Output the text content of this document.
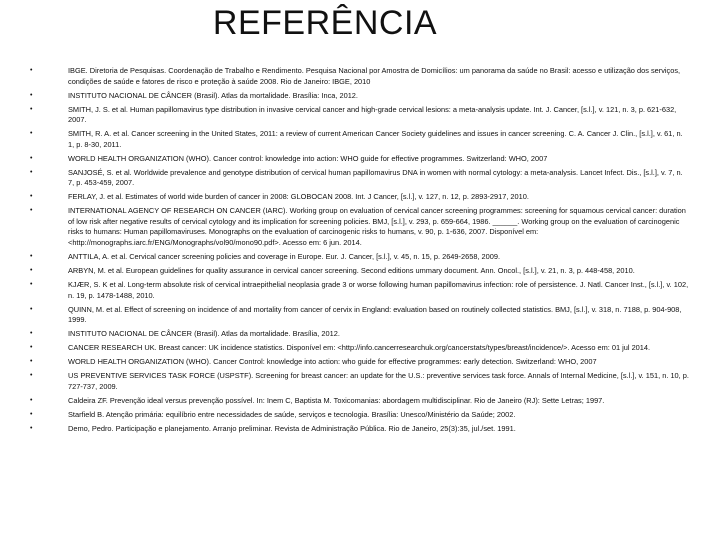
REFERÊNCIA
•	IBGE. Diretoria de Pesquisas. Coordenação de Trabalho e Rendimento. Pesquisa Nacional por Amostra de Domicílios: um panorama da saúde no Brasil: acesso e utilização dos serviços, condições de saúde e fatores de risco e proteção à saúde 2008. Rio de Janeiro: IBGE, 2010
•	INSTITUTO NACIONAL DE CÂNCER (Brasil). Atlas da mortalidade. Brasília: Inca, 2012.
•	SMITH, J. S. et al. Human papillomavirus type distribution in invasive cervical cancer and high-grade cervical lesions: a meta-analysis update. Int. J. Cancer, [s.l.], v. 121, n. 3, p. 621-632, 2007.
•	SMITH, R. A. et al. Cancer screening in the United States, 2011: a review of current American Cancer Society guidelines and issues in cancer screening. C. A. Cancer J. Clin., [s.l.], v. 61, n. 1, p. 8-30, 2011.
•	WORLD HEALTH ORGANIZATION (WHO). Cancer control: knowledge into action: WHO guide for effective programmes. Switzerland: WHO, 2007
•	SANJOSÉ, S. et al. Worldwide prevalence and genotype distribution of cervical human papillomavirus DNA in women with normal cytology: a meta-analysis. Lancet Infect. Dis., [s.l.], v. 7, n. 7, p. 453-459, 2007.
•	FERLAY, J. et al. Estimates of world wide burden of cancer in 2008: GLOBOCAN 2008. Int. J Cancer, [s.l.], v. 127, n. 12, p. 2893-2917, 2010.
•	INTERNATIONAL AGENCY OF RESEARCH ON CANCER (IARC). Working group on evaluation of cervical cancer screening programmes: screening for squamous cervical cancer: duration of low risk after negative results of cervical cytology and its implication for screening policies. BMJ, [s.l.], v. 293, p. 659-664, 1986. ______. Working group on the evaluation of carcinogenic risks to humans: Human papillomaviruses. Monographs on the evaluation of carcinogenic risks to humans, v. 90, p. 1-636, 2007. Disponível em: <http://monographs.iarc.fr/ENG/Monographs/vol90/mono90.pdf>. Acesso em: 6 jun. 2014.
•	ANTTILA, A. et al. Cervical cancer screening policies and coverage in Europe. Eur. J. Cancer, [s.l.], v. 45, n. 15, p. 2649-2658, 2009.
•	ARBYN, M. et al. European guidelines for quality assurance in cervical cancer screening. Second editions ummary document. Ann. Oncol., [s.l.], v. 21, n. 3, p. 448-458, 2010.
•	KJÆR, S. K et al. Long-term absolute risk of cervical intraepithelial neoplasia grade 3 or worse following human papillomavirus infection: role of persistence. J. Natl. Cancer Inst., [s.l.], v. 102, n. 19, p. 1478-1488, 2010.
•	QUINN, M. et al. Effect of screening on incidence of and mortality from cancer of cervix in England: evaluation based on routinely collected statistics. BMJ, [s.l.], v. 318, n. 7188, p. 904-908, 1999.
•	INSTITUTO NACIONAL DE CÂNCER (Brasil). Atlas da mortalidade. Brasília, 2012.
•	CANCER RESEARCH UK. Breast cancer: UK incidence statistics. Disponível em: <http://info.cancerresearchuk.org/cancerstats/types/breast/incidence/>. Acesso em: 01 jul 2014.
•	WORLD HEALTH ORGANIZATION (WHO). Cancer Control: knowledge into action: who guide for effective programmes: early detection. Switzerland: WHO, 2007
•	US PREVENTIVE SERVICES TASK FORCE (USPSTF). Screening for breast cancer: an update for the U.S.: preventive services task force. Annals of Internal Medicine, [s.l.], v. 151, n. 10, p. 727-737, 2009.
•	Caldeira ZF. Prevenção ideal versus prevenção possível. In: Inem C, Baptista M. Toxicomanias: abordagem multidisciplinar. Rio de Janeiro (RJ): Sette Letras; 1997.
•	Starfield B. Atenção primária: equilíbrio entre necessidades de saúde, serviços e tecnologia. Brasília: Unesco/Ministério da Saúde; 2002.
•	Demo, Pedro. Participação e planejamento. Arranjo preliminar. Revista de Administração Pública. Rio de Janeiro, 25(3):35, jul./set. 1991.
